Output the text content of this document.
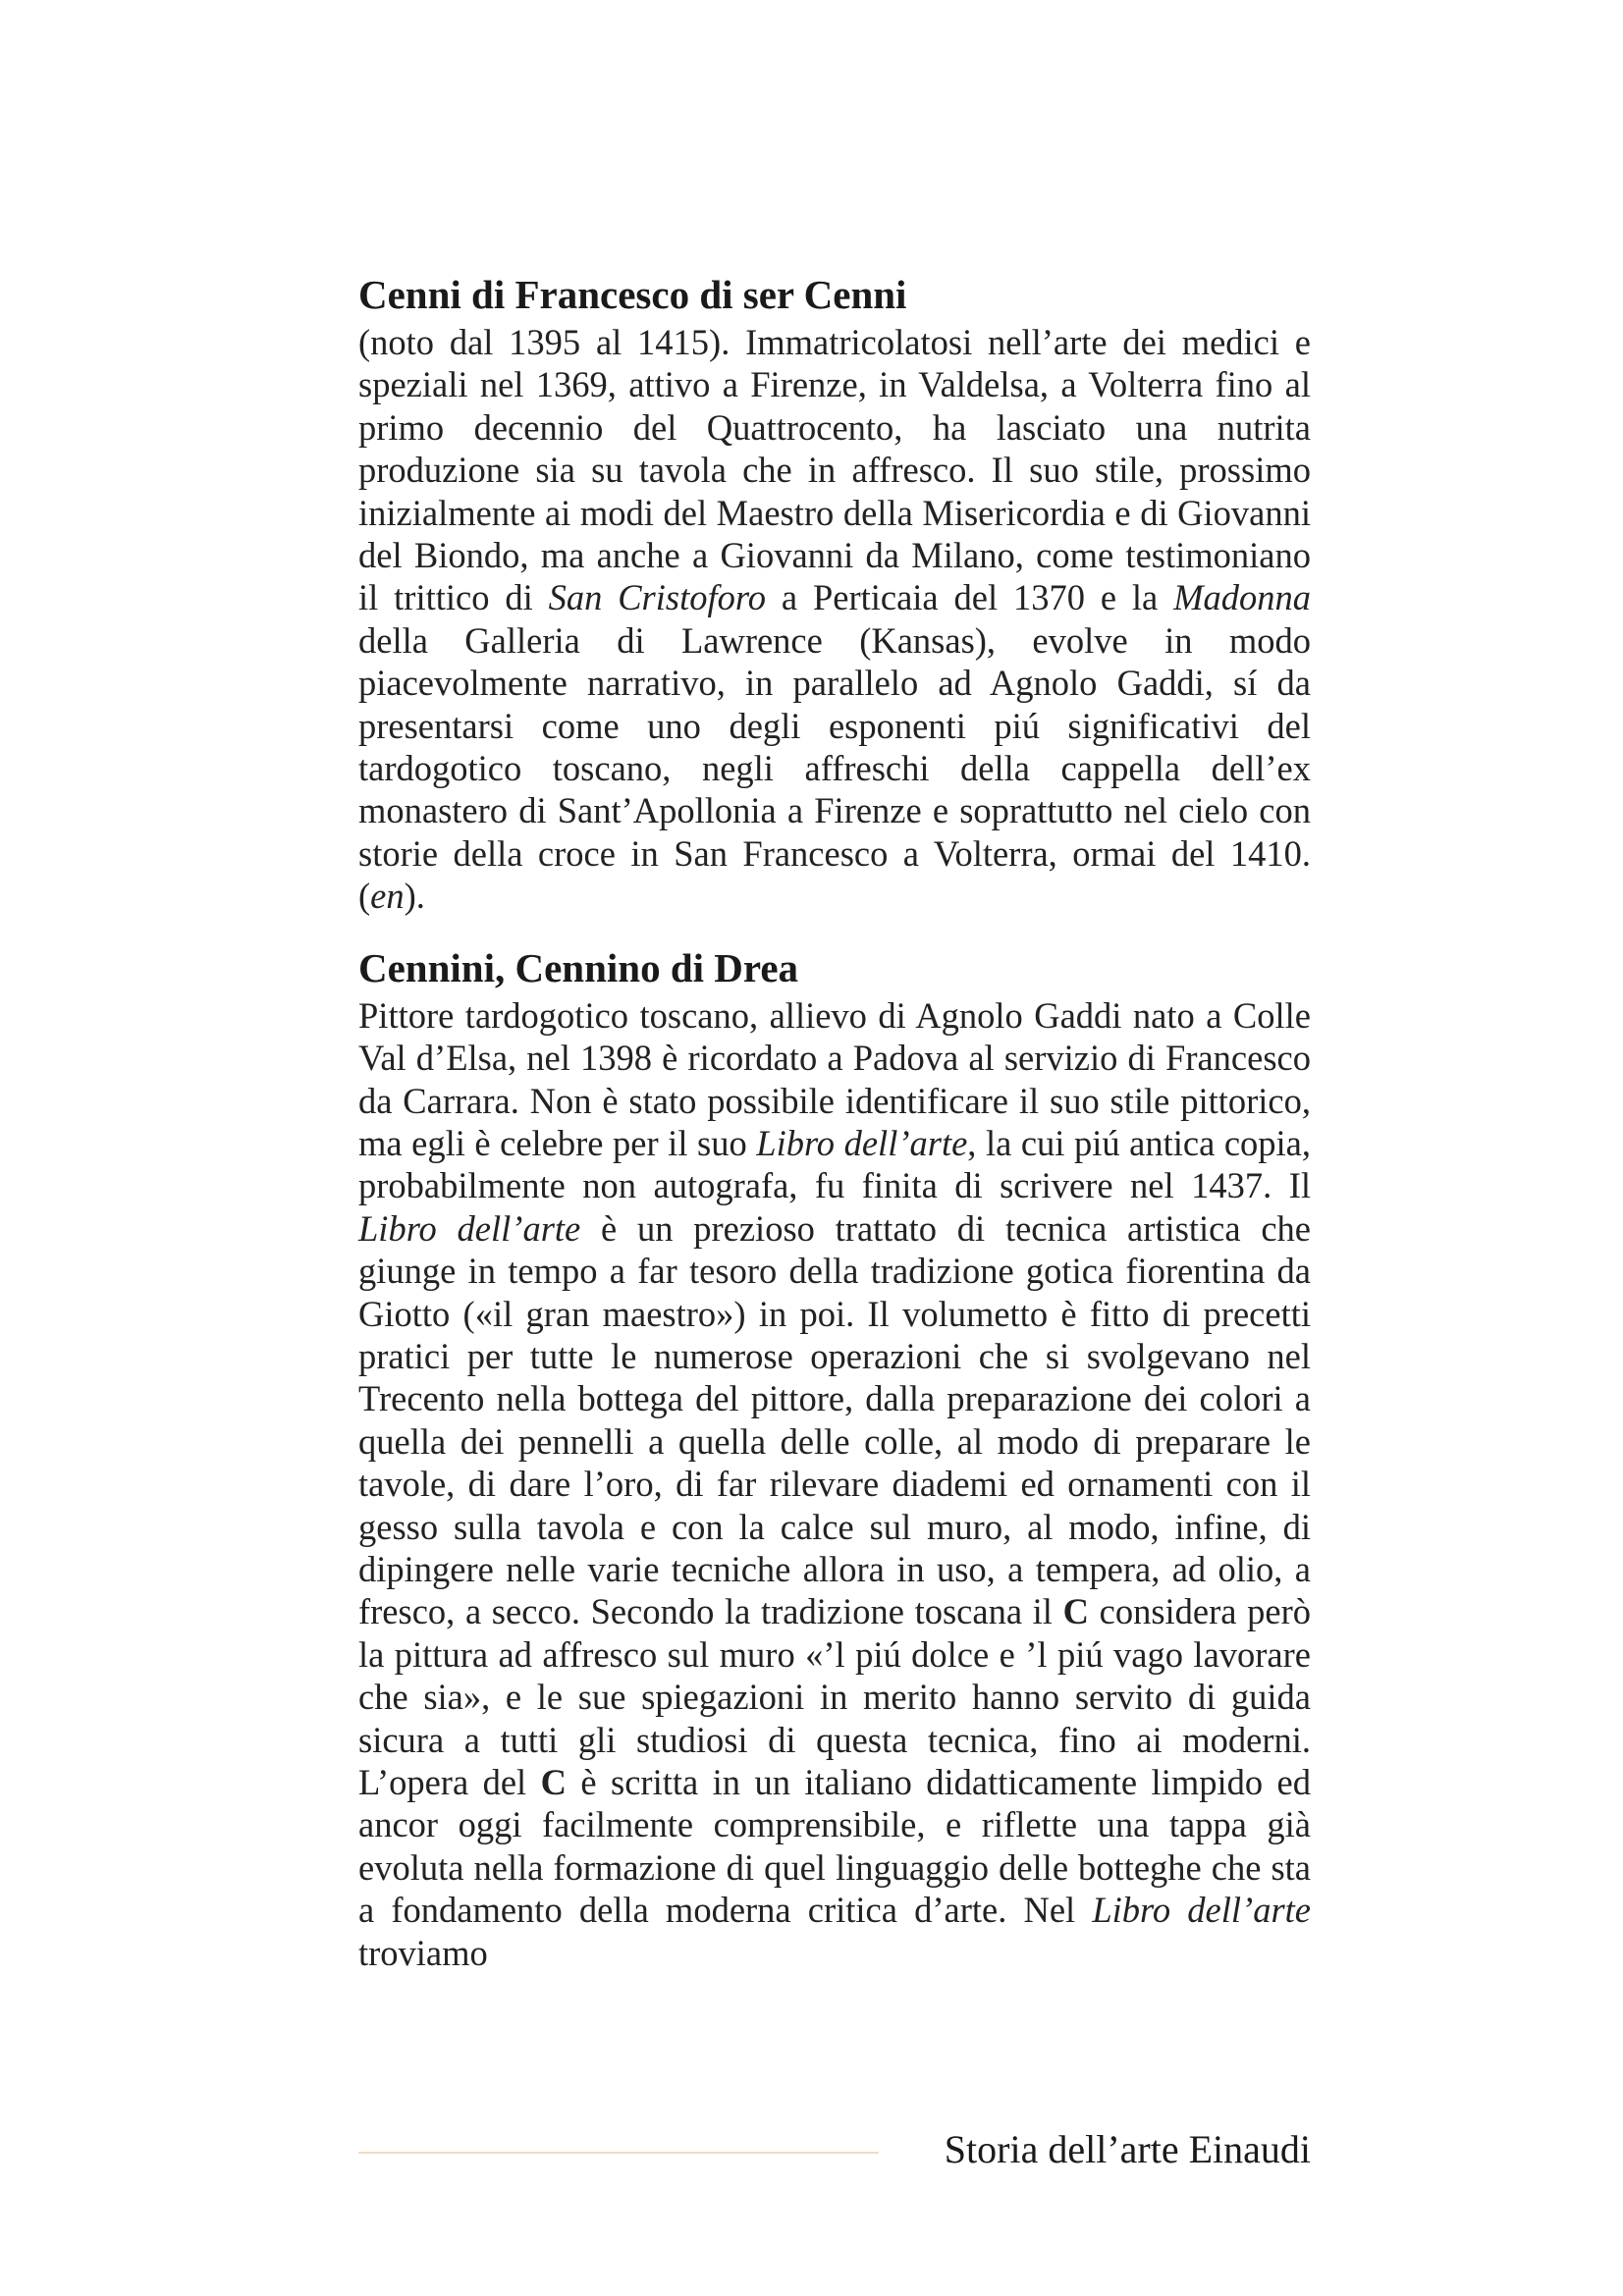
Cenni di Francesco di ser Cenni

(noto dal 1395 al 1415). Immatricolatosi nell’arte dei medici e speziali nel 1369, attivo a Firenze, in Valdelsa, a Volterra fino al primo decennio del Quattrocento, ha lasciato una nutrita produzione sia su tavola che in affresco. Il suo stile, prossimo inizialmente ai modi del Maestro della Misericordia e di Giovanni del Biondo, ma anche a Giovanni da Milano, come testimoniano il trittico di San Cristoforo a Perticaia del 1370 e la Madonna della Galleria di Lawrence (Kansas), evolve in modo piacevolmente narrativo, in parallelo ad Agnolo Gaddi, sí da presentarsi come uno degli esponenti piú significativi del tardogotico toscano, negli affreschi della cappella dell’ex monastero di Sant’Apollonia a Firenze e soprattutto nel cielo con storie della croce in San Francesco a Volterra, ormai del 1410. (en).

Cennini, Cennino di Drea

Pittore tardogotico toscano, allievo di Agnolo Gaddi nato a Colle Val d’Elsa, nel 1398 è ricordato a Padova al servizio di Francesco da Carrara. Non è stato possibile identificare il suo stile pittorico, ma egli è celebre per il suo Libro dell’arte, la cui piú antica copia, probabilmente non autografa, fu finita di scrivere nel 1437. Il Libro dell’arte è un prezioso trattato di tecnica artistica che giunge in tempo a far tesoro della tradizione gotica fiorentina da Giotto («il gran maestro») in poi. Il volumetto è fitto di precetti pratici per tutte le numerose operazioni che si svolgevano nel Trecento nella bottega del pittore, dalla preparazione dei colori a quella dei pennelli a quella delle colle, al modo di preparare le tavole, di dare l’oro, di far rilevare diademi ed ornamenti con il gesso sulla tavola e con la calce sul muro, al modo, infine, di dipingere nelle varie tecniche allora in uso, a tempera, ad olio, a fresco, a secco. Secondo la tradizione toscana il C considera però la pittura ad affresco sul muro «’l piú dolce e ’l piú vago lavorare che sia», e le sue spiegazioni in merito hanno servito di guida sicura a tutti gli studiosi di questa tecnica, fino ai moderni. L’opera del C è scritta in un italiano didatticamente limpido ed ancor oggi facilmente comprensibile, e riflette una tappa già evoluta nella formazione di quel linguaggio delle botteghe che sta a fondamento della moderna critica d’arte. Nel Libro dell’arte troviamo

Storia dell’arte Einaudi
